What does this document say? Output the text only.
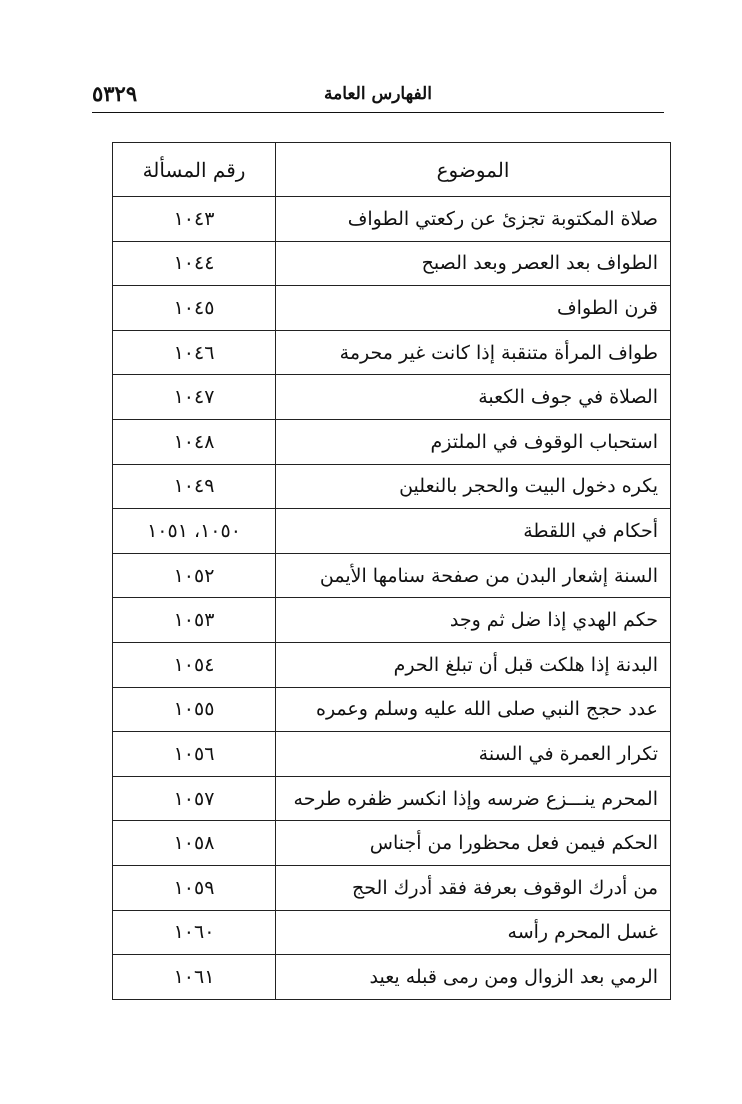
الفهارس العامة
٥٣٢٩
الموضوع	رقم المسألة
صلاة المكتوبة تجزئ عن ركعتي الطواف	١٠٤٣
الطواف بعد العصر وبعد الصبح	١٠٤٤
قرن الطواف	١٠٤٥
طواف المرأة متنقبة إذا كانت غير محرمة	١٠٤٦
الصلاة في جوف الكعبة	١٠٤٧
استحباب الوقوف في الملتزم	١٠٤٨
يكره دخول البيت والحجر بالنعلين	١٠٤٩
أحكام في اللقطة	١٠٥٠، ١٠٥١
السنة إشعار البدن من صفحة سنامها الأيمن	١٠٥٢
حكم الهدي إذا ضل ثم وجد	١٠٥٣
البدنة إذا هلكت قبل أن تبلغ الحرم	١٠٥٤
عدد حجج النبي صلى الله عليه وسلم وعمره	١٠٥٥
تكرار العمرة في السنة	١٠٥٦
المحرم ينـــزع ضرسه وإذا انكسر ظفره طرحه	١٠٥٧
الحكم فيمن فعل محظورا من أجناس	١٠٥٨
من أدرك الوقوف بعرفة فقد أدرك الحج	١٠٥٩
غسل المحرم رأسه	١٠٦٠
الرمي بعد الزوال ومن رمى قبله يعيد	١٠٦١
